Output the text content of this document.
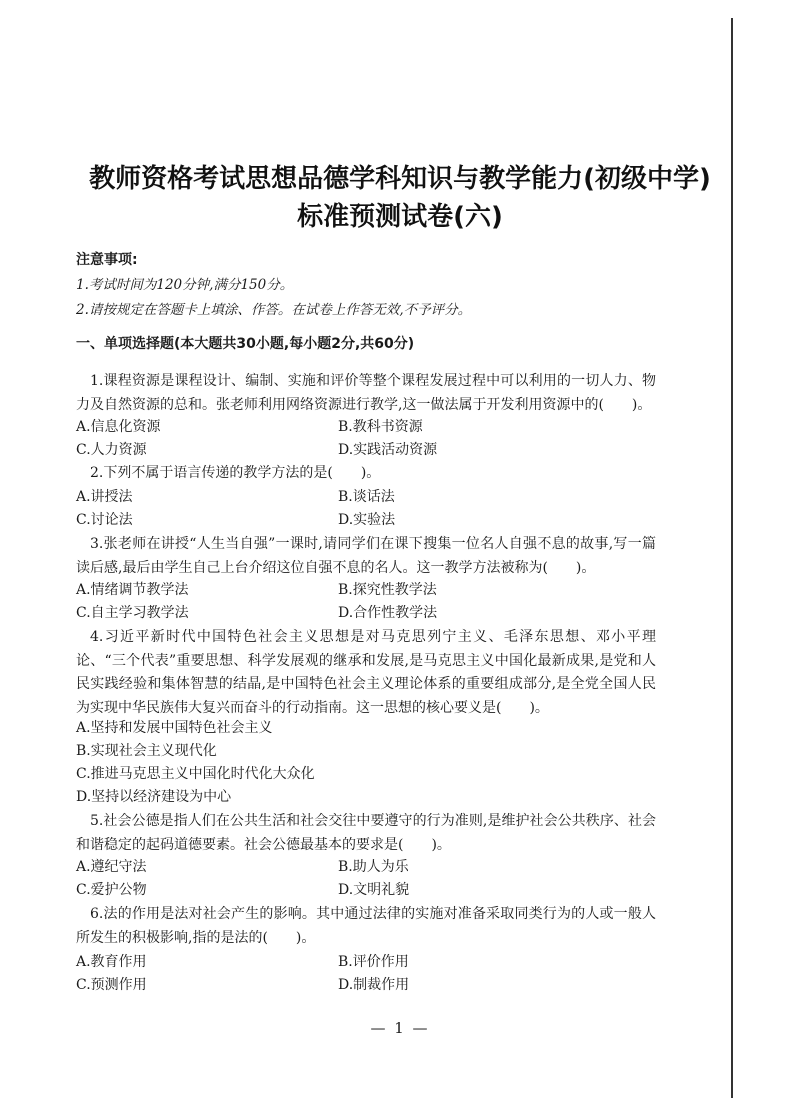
教师资格考试思想品德学科知识与教学能力(初级中学)
标准预测试卷(六)
注意事项:
1.考试时间为120分钟,满分150分。
2.请按规定在答题卡上填涂、作答。在试卷上作答无效,不予评分。
一、单项选择题(本大题共30小题,每小题2分,共60分)
1.课程资源是课程设计、编制、实施和评价等整个课程发展过程中可以利用的一切人力、物力及自然资源的总和。张老师利用网络资源进行教学,这一做法属于开发利用资源中的(　　)。
A.信息化资源	B.教科书资源
C.人力资源	D.实践活动资源
2.下列不属于语言传递的教学方法的是(　　)。
A.讲授法	B.谈话法
C.讨论法	D.实验法
3.张老师在讲授“人生当自强”一课时,请同学们在课下搜集一位名人自强不息的故事,写一篇读后感,最后由学生自己上台介绍这位自强不息的名人。这一教学方法被称为(　　)。
A.情绪调节教学法	B.探究性教学法
C.自主学习教学法	D.合作性教学法
4.习近平新时代中国特色社会主义思想是对马克思列宁主义、毛泽东思想、邓小平理论、“三个代表”重要思想、科学发展观的继承和发展,是马克思主义中国化最新成果,是党和人民实践经验和集体智慧的结晶,是中国特色社会主义理论体系的重要组成部分,是全党全国人民为实现中华民族伟大复兴而奋斗的行动指南。这一思想的核心要义是(　　)。
A.坚持和发展中国特色社会主义
B.实现社会主义现代化
C.推进马克思主义中国化时代化大众化
D.坚持以经济建设为中心
5.社会公德是指人们在公共生活和社会交往中要遵守的行为准则,是维护社会公共秩序、社会和谐稳定的起码道德要素。社会公德最基本的要求是(　　)。
A.遵纪守法	B.助人为乐
C.爱护公物	D.文明礼貌
6.法的作用是法对社会产生的影响。其中通过法律的实施对准备采取同类行为的人或一般人所发生的积极影响,指的是法的(　　)。
A.教育作用	B.评价作用
C.预测作用	D.制裁作用
— 1 —
